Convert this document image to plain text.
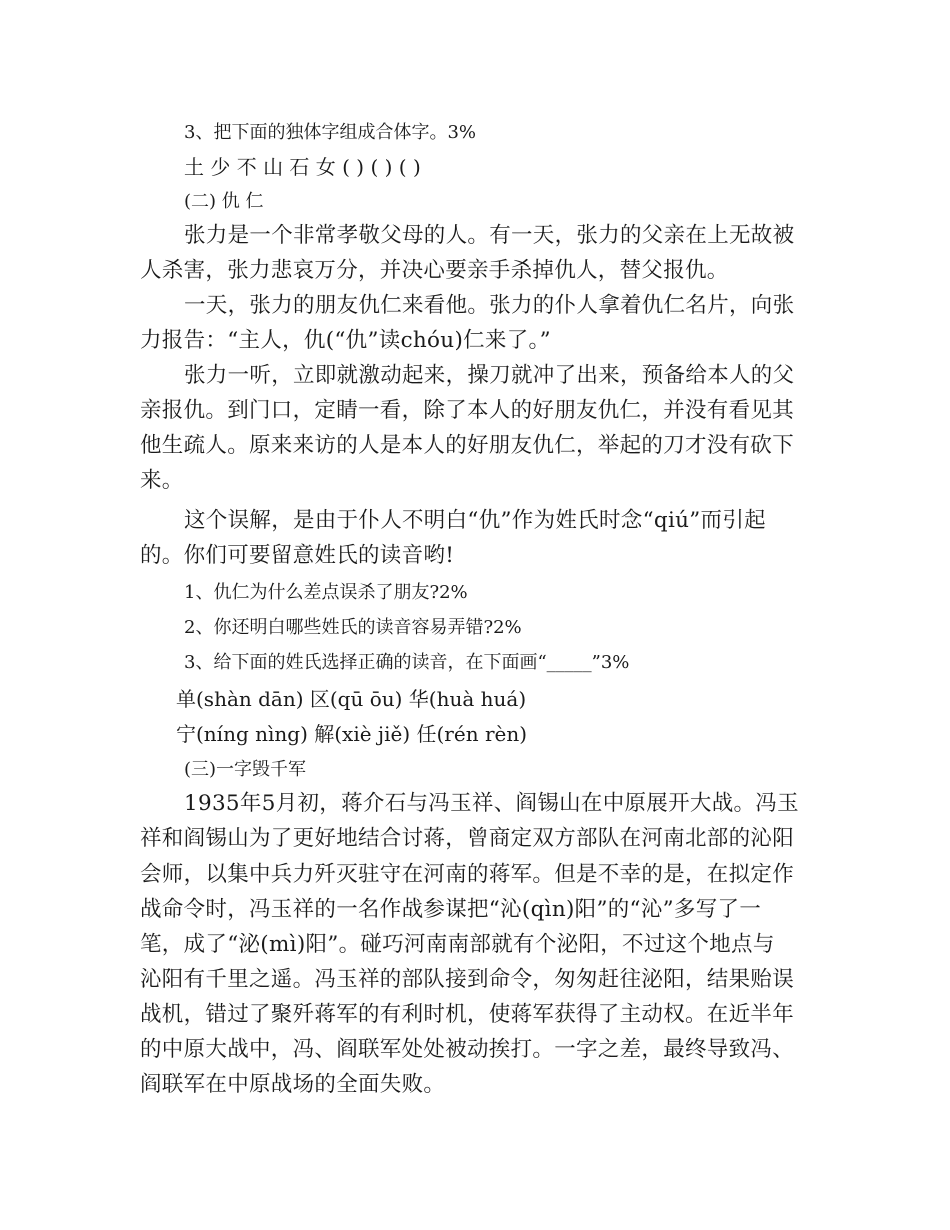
3、把下面的独体字组成合体字。3%
土 少 不 山 石 女 ( ) ( ) ( )
(二) 仇 仁
张力是一个非常孝敬父母的人。有一天，张力的父亲在上无故被
人杀害，张力悲哀万分，并决心要亲手杀掉仇人，替父报仇。
一天，张力的朋友仇仁来看他。张力的仆人拿着仇仁名片，向张
力报告：“主人，仇(“仇”读chóu)仁来了。”
张力一听，立即就激动起来，操刀就冲了出来，预备给本人的父
亲报仇。到门口，定睛一看，除了本人的好朋友仇仁，并没有看见其
他生疏人。原来来访的人是本人的好朋友仇仁，举起的刀才没有砍下
来。
这个误解，是由于仆人不明白“仇”作为姓氏时念“qiú”而引起
的。你们可要留意姓氏的读音哟!
1、仇仁为什么差点误杀了朋友?2%
2、你还明白哪些姓氏的读音容易弄错?2%
3、给下面的姓氏选择正确的读音，在下面画“_____”3%
单(shàn dān) 区(qū ōu) 华(huà huá)
宁(níng nìng) 解(xiè jiě) 任(rén rèn)
(三)一字毁千军
1935年5月初，蒋介石与冯玉祥、阎锡山在中原展开大战。冯玉
祥和阎锡山为了更好地结合讨蒋，曾商定双方部队在河南北部的沁阳
会师，以集中兵力歼灭驻守在河南的蒋军。但是不幸的是，在拟定作
战命令时，冯玉祥的一名作战参谋把“沁(qìn)阳”的“沁”多写了一
笔，成了“泌(mì)阳”。碰巧河南南部就有个泌阳，不过这个地点与
沁阳有千里之遥。冯玉祥的部队接到命令，匆匆赶往泌阳，结果贻误
战机，错过了聚歼蒋军的有利时机，使蒋军获得了主动权。在近半年
的中原大战中，冯、阎联军处处被动挨打。一字之差，最终导致冯、
阎联军在中原战场的全面失败。
